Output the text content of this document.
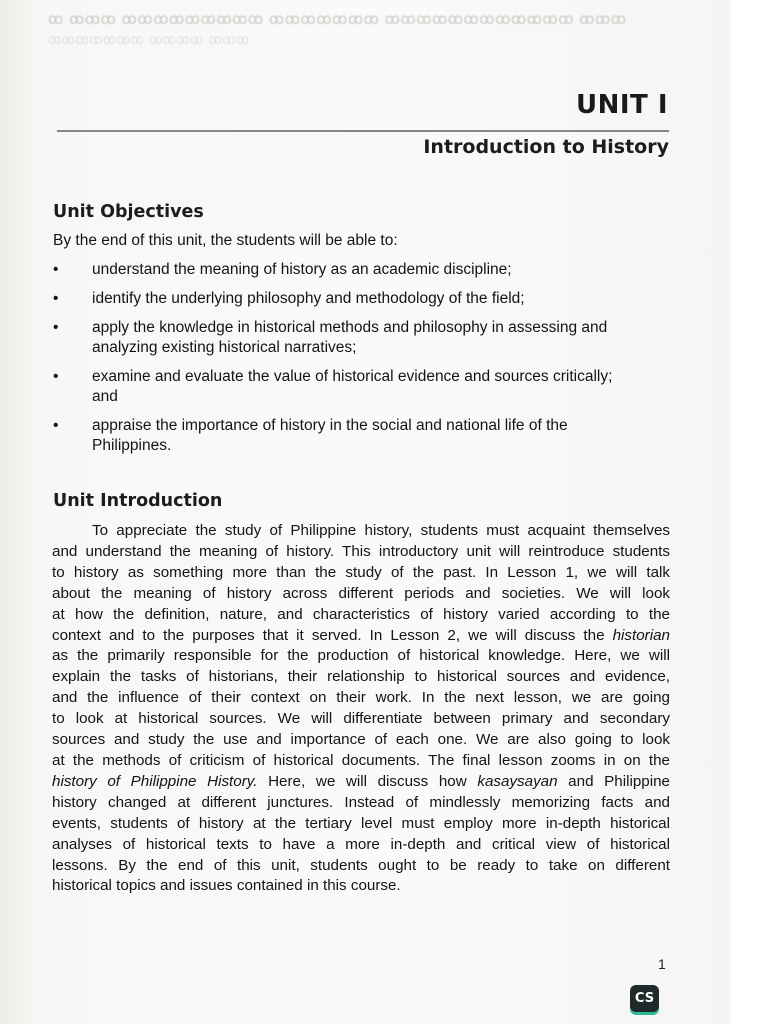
ꝏ ꝏꝏꝏ ꝏꝏꝏꝏꝏꝏꝏꝏꝏ ꝏꝏꝏꝏꝏꝏꝏ ꝏꝏꝏꝏꝏꝏꝏꝏꝏꝏꝏꝏ ꝏꝏꝏ
ꝏꝏꝏꝏꝏꝏꝏ ꝏꝏꝏꝏ ꝏꝏꝏ
UNIT I
Introduction to History
Unit Objectives

By the end of this unit, the students will be able to:

• understand the meaning of history as an academic discipline;
• identify the underlying philosophy and methodology of the field;
• apply the knowledge in historical methods and philosophy in assessing and
analyzing existing historical narratives;
• examine and evaluate the value of historical evidence and sources critically;
and
• appraise the importance of history in the social and national life of the
Philippines.
Unit Introduction

To appreciate the study of Philippine history, students must acquaint themselves
and understand the meaning of history. This introductory unit will reintroduce students
to history as something more than the study of the past. In Lesson 1, we will talk
about the meaning of history across different periods and societies. We will look
at how the definition, nature, and characteristics of history varied according to the
context and to the purposes that it served. In Lesson 2, we will discuss the historian
as the primarily responsible for the production of historical knowledge. Here, we will
explain the tasks of historians, their relationship to historical sources and evidence,
and the influence of their context on their work. In the next lesson, we are going
to look at historical sources. We will differentiate between primary and secondary
sources and study the use and importance of each one. We are also going to look
at the methods of criticism of historical documents. The final lesson zooms in on the
history of Philippine History. Here, we will discuss how kasaysayan and Philippine
history changed at different junctures. Instead of mindlessly memorizing facts and
events, students of history at the tertiary level must employ more in-depth historical
analyses of historical texts to have a more in-depth and critical view of historical
lessons. By the end of this unit, students ought to be ready to take on different
historical topics and issues contained in this course.

1
CS
